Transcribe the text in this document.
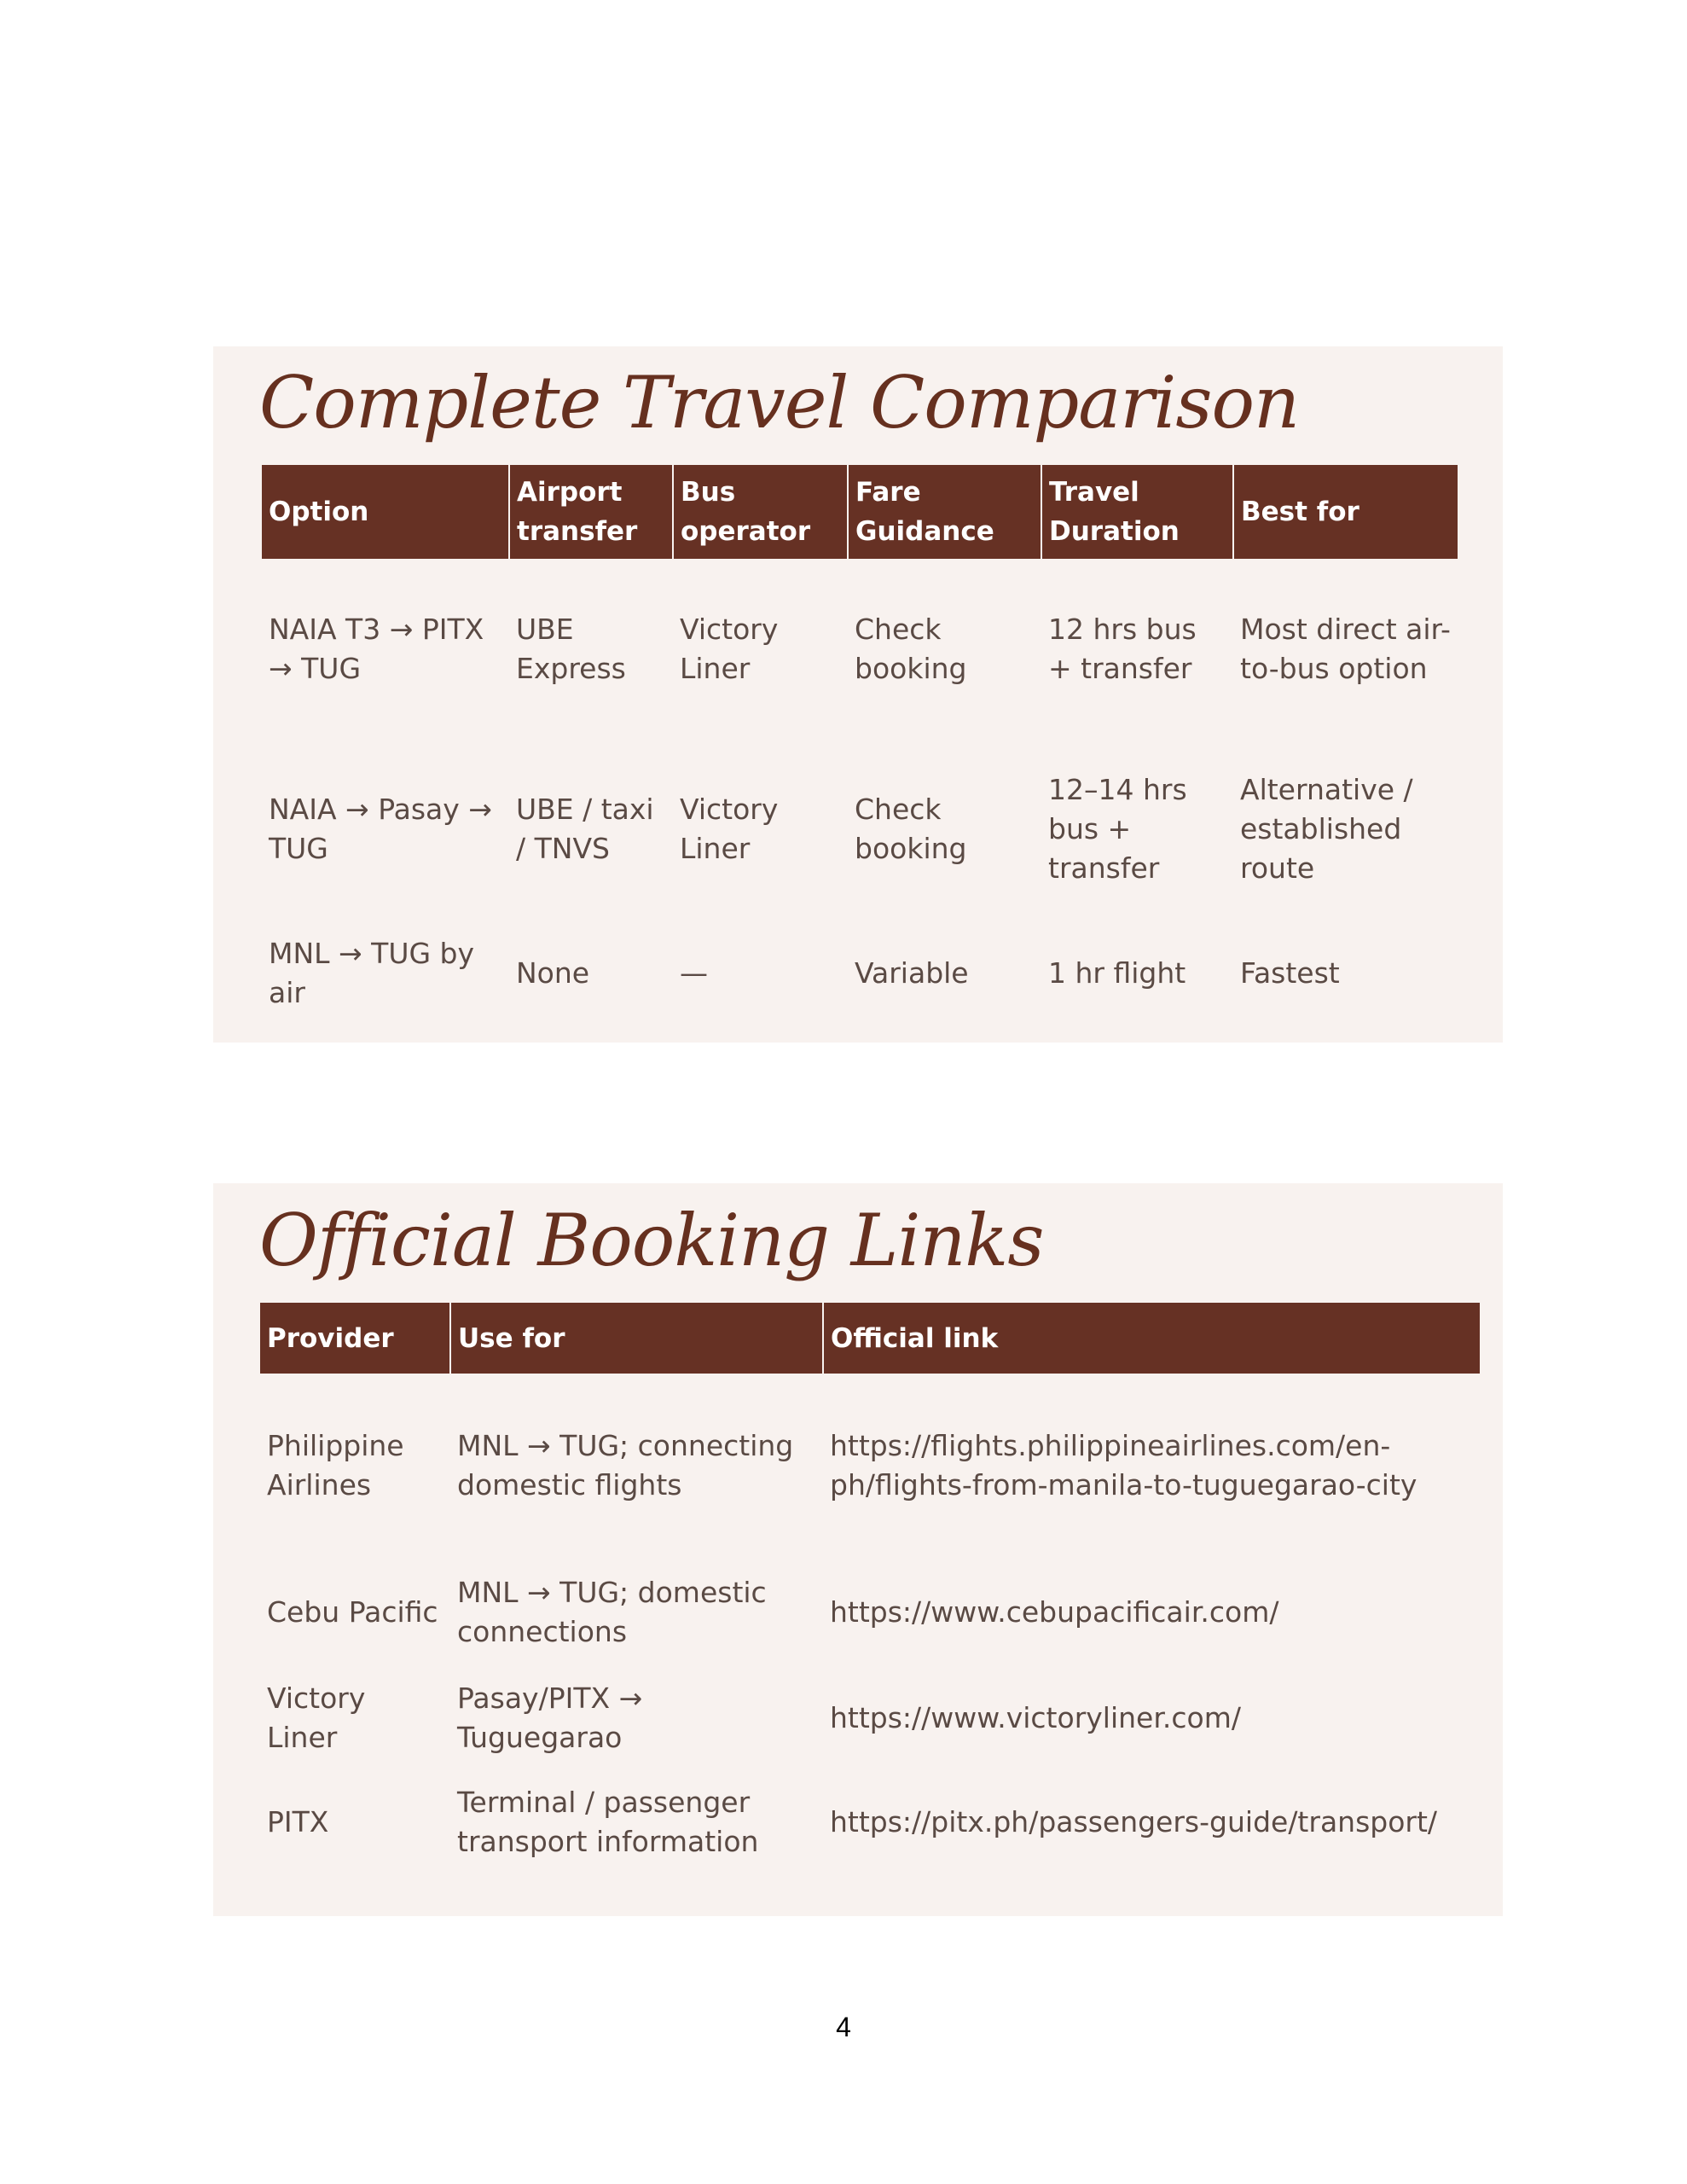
Complete Travel Comparison
Option	Airport transfer	Bus operator	Fare Guidance	Travel Duration	Best for
NAIA T3 → PITX → TUG	UBE Express	Victory Liner	Check booking	12 hrs bus + transfer	Most direct air-to-bus option
NAIA → Pasay → TUG	UBE / taxi / TNVS	Victory Liner	Check booking	12–14 hrs bus + transfer	Alternative / established route
MNL → TUG by air	None	—	Variable	1 hr flight	Fastest
Official Booking Links
Provider	Use for	Official link
Philippine Airlines	MNL → TUG; connecting domestic flights	https://flights.philippineairlines.com/en-ph/flights-from-manila-to-tuguegarao-city
Cebu Pacific	MNL → TUG; domestic connections	https://www.cebupacificair.com/
Victory Liner	Pasay/PITX → Tuguegarao	https://www.victoryliner.com/
PITX	Terminal / passenger transport information	https://pitx.ph/passengers-guide/transport/
4
